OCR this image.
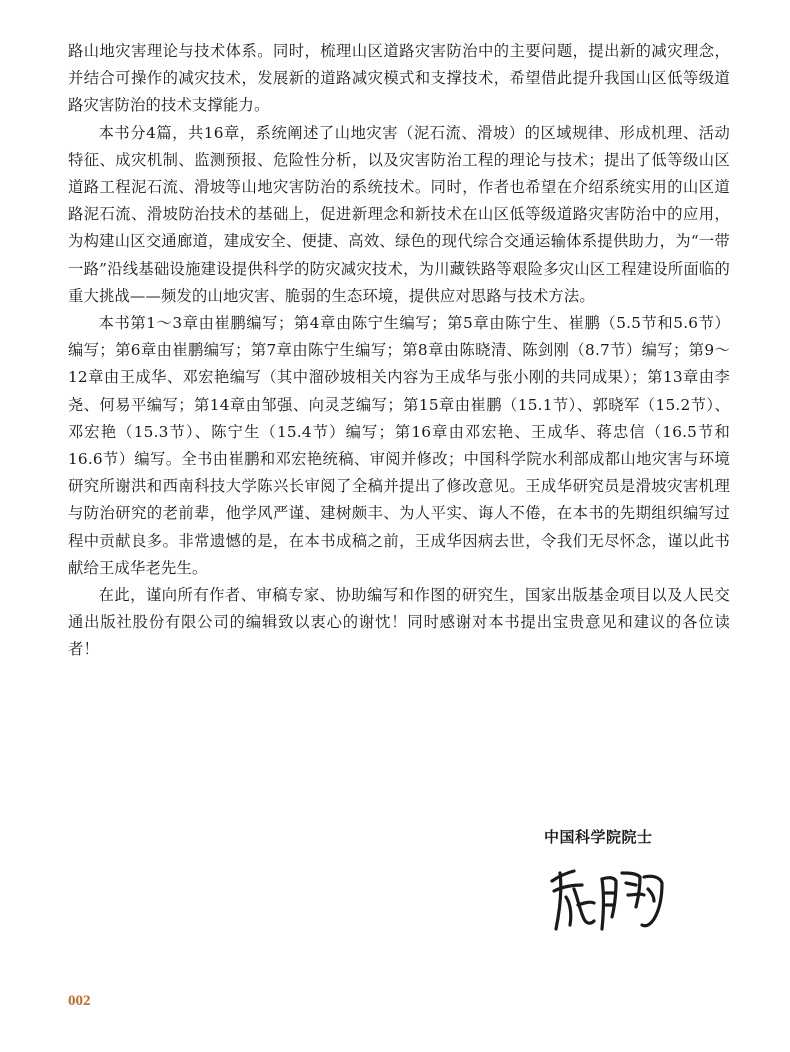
路山地灾害理论与技术体系。同时，梳理山区道路灾害防治中的主要问题，提出新的减灾理念，并结合可操作的减灾技术，发展新的道路减灾模式和支撑技术，希望借此提升我国山区低等级道路灾害防治的技术支撑能力。

本书分4篇，共16章，系统阐述了山地灾害（泥石流、滑坡）的区域规律、形成机理、活动特征、成灾机制、监测预报、危险性分析，以及灾害防治工程的理论与技术；提出了低等级山区道路工程泥石流、滑坡等山地灾害防治的系统技术。同时，作者也希望在介绍系统实用的山区道路泥石流、滑坡防治技术的基础上，促进新理念和新技术在山区低等级道路灾害防治中的应用，为构建山区交通廊道，建成安全、便捷、高效、绿色的现代综合交通运输体系提供助力，为“一带一路”沿线基础设施建设提供科学的防灾减灾技术，为川藏铁路等艰险多灾山区工程建设所面临的重大挑战——频发的山地灾害、脆弱的生态环境，提供应对思路与技术方法。

本书第1～3章由崔鹏编写；第4章由陈宁生编写；第5章由陈宁生、崔鹏（5.5节和5.6节）编写；第6章由崔鹏编写；第7章由陈宁生编写；第8章由陈晓清、陈剑刚（8.7节）编写；第9～12章由王成华、邓宏艳编写（其中溜砂坡相关内容为王成华与张小刚的共同成果）；第13章由李尧、何易平编写；第14章由邹强、向灵芝编写；第15章由崔鹏（15.1节）、郭晓军（15.2节）、邓宏艳（15.3节）、陈宁生（15.4节）编写；第16章由邓宏艳、王成华、蒋忠信（16.5节和16.6节）编写。全书由崔鹏和邓宏艳统稿、审阅并修改；中国科学院水利部成都山地灾害与环境研究所谢洪和西南科技大学陈兴长审阅了全稿并提出了修改意见。王成华研究员是滑坡灾害机理与防治研究的老前辈，他学风严谨、建树颇丰、为人平实、诲人不倦，在本书的先期组织编写过程中贡献良多。非常遗憾的是，在本书成稿之前，王成华因病去世，令我们无尽怀念，谨以此书献给王成华老先生。

在此，谨向所有作者、审稿专家、协助编写和作图的研究生，国家出版基金项目以及人民交通出版社股份有限公司的编辑致以衷心的谢忱！同时感谢对本书提出宝贵意见和建议的各位读者！

中国科学院院士
002
